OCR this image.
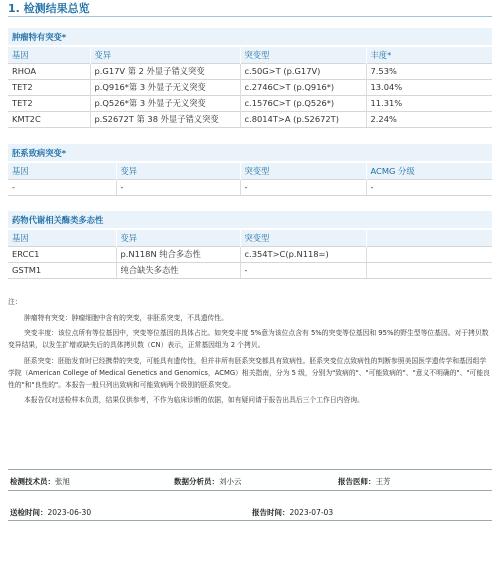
1. 检测结果总览
肿瘤特有突变*
基因	变异	突变型	丰度*
RHOA	p.G17V 第 2 外显子错义突变	c.50G>T (p.G17V)	7.53%
TET2	p.Q916*第 3 外显子无义突变	c.2746C>T (p.Q916*)	13.04%
TET2	p.Q526*第 3 外显子无义突变	c.1576C>T (p.Q526*)	11.31%
KMT2C	p.S2672T 第 38 外显子错义突变	c.8014T>A (p.S2672T)	2.24%
胚系致病突变*
基因	变异	突变型	ACMG 分级
-	-	-	-
药物代谢相关酶类多态性
基因	变异	突变型	
ERCC1	p.N118N 纯合多态性	c.354T>C(p.N118=)	
GSTM1	纯合缺失多态性	-	

注：

肿瘤特有突变：肿瘤细胞中含有的突变，非胚系突变，不具遗传性。

突变丰度：该位点所有等位基因中，突变等位基因的具体占比。如突变丰度 5%意为该位点含有 5%的突变等位基因和 95%的野生型等位基因。对于拷贝数变异结果，以发生扩增或缺失后的具体拷贝数（CN）表示，正常基因组为 2 个拷贝。

胚系突变：胚胎发育时已经携带的突变，可能具有遗传性，但并非所有胚系突变都具有致病性。胚系突变位点致病性的判断参照美国医学遗传学和基因组学学院（American College of Medical Genetics and Genomics，ACMG）相关指南，分为 5 级，分别为"致病的"、"可能致病的"、"意义不明确的"、"可能良性的"和"良性的"。本报告一般只列出致病和可能致病两个级别的胚系突变。

本报告仅对送检样本负责，结果仅供参考，不作为临床诊断的依据，如有疑问请于报告出具后三个工作日内咨询。

检测技术员：张旭	数据分析员：刘小云	报告医师：王芳
送检时间：2023-06-30	报告时间：2023-07-03
